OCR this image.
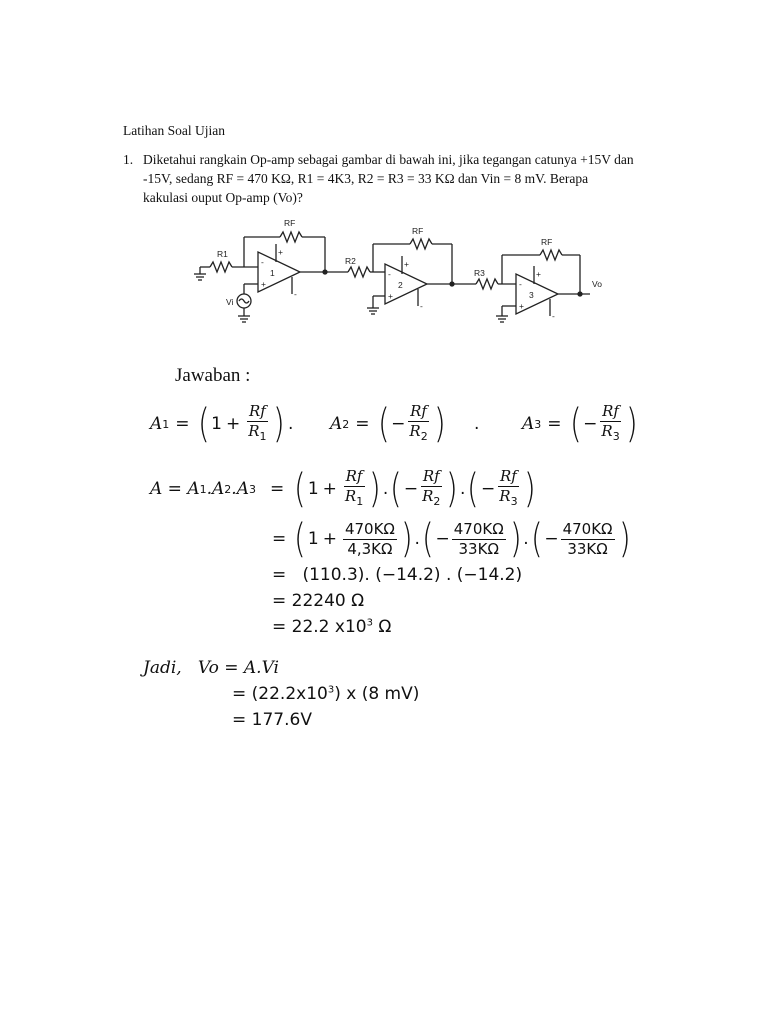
Latihan Soal Ujian
1. Diketahui rangkain Op-amp sebagai gambar di bawah ini, jika tegangan catunya +15V dan
-15V, sedang RF = 470 KΩ, R1 = 4K3, R2 = R3 = 33 KΩ dan Vin = 8 mV. Berapa
kakulasi ouput Op-amp (Vo)?
RF
R1
Vi
1
-
+
+
-
RF
R2
2
-
+
+
-
RF
R3
3
-
+
+
-
Vo
Jawaban :
A 1 = ( $1 + \frac{Rf}{R_1}$ ) . A 2 = ( − $\frac{Rf}{R_2}$ ) .	A 3 = ( − $\frac{Rf}{R_3}$ )
A = A 1 .A 2 .A 3 = ( $1 + \frac{Rf}{R_1}$ ) . ( − $\frac{Rf}{R_2}$ ) . ( − $\frac{Rf}{R_3}$ )
= ( $1 + \frac{470K\Omega}{4,3K\Omega}$ ) . ( − $\frac{470K\Omega}{33K\Omega}$ ) . ( − $\frac{470K\Omega}{33K\Omega}$ )
=   (110.3). (−14.2) . (−14.2)
= 22240 Ω
= 22.2 $x10^3$ Ω
Jadi,   Vo = A.Vi
= $(22.2x10^3)$ x (8 mV)
= 177.6V
